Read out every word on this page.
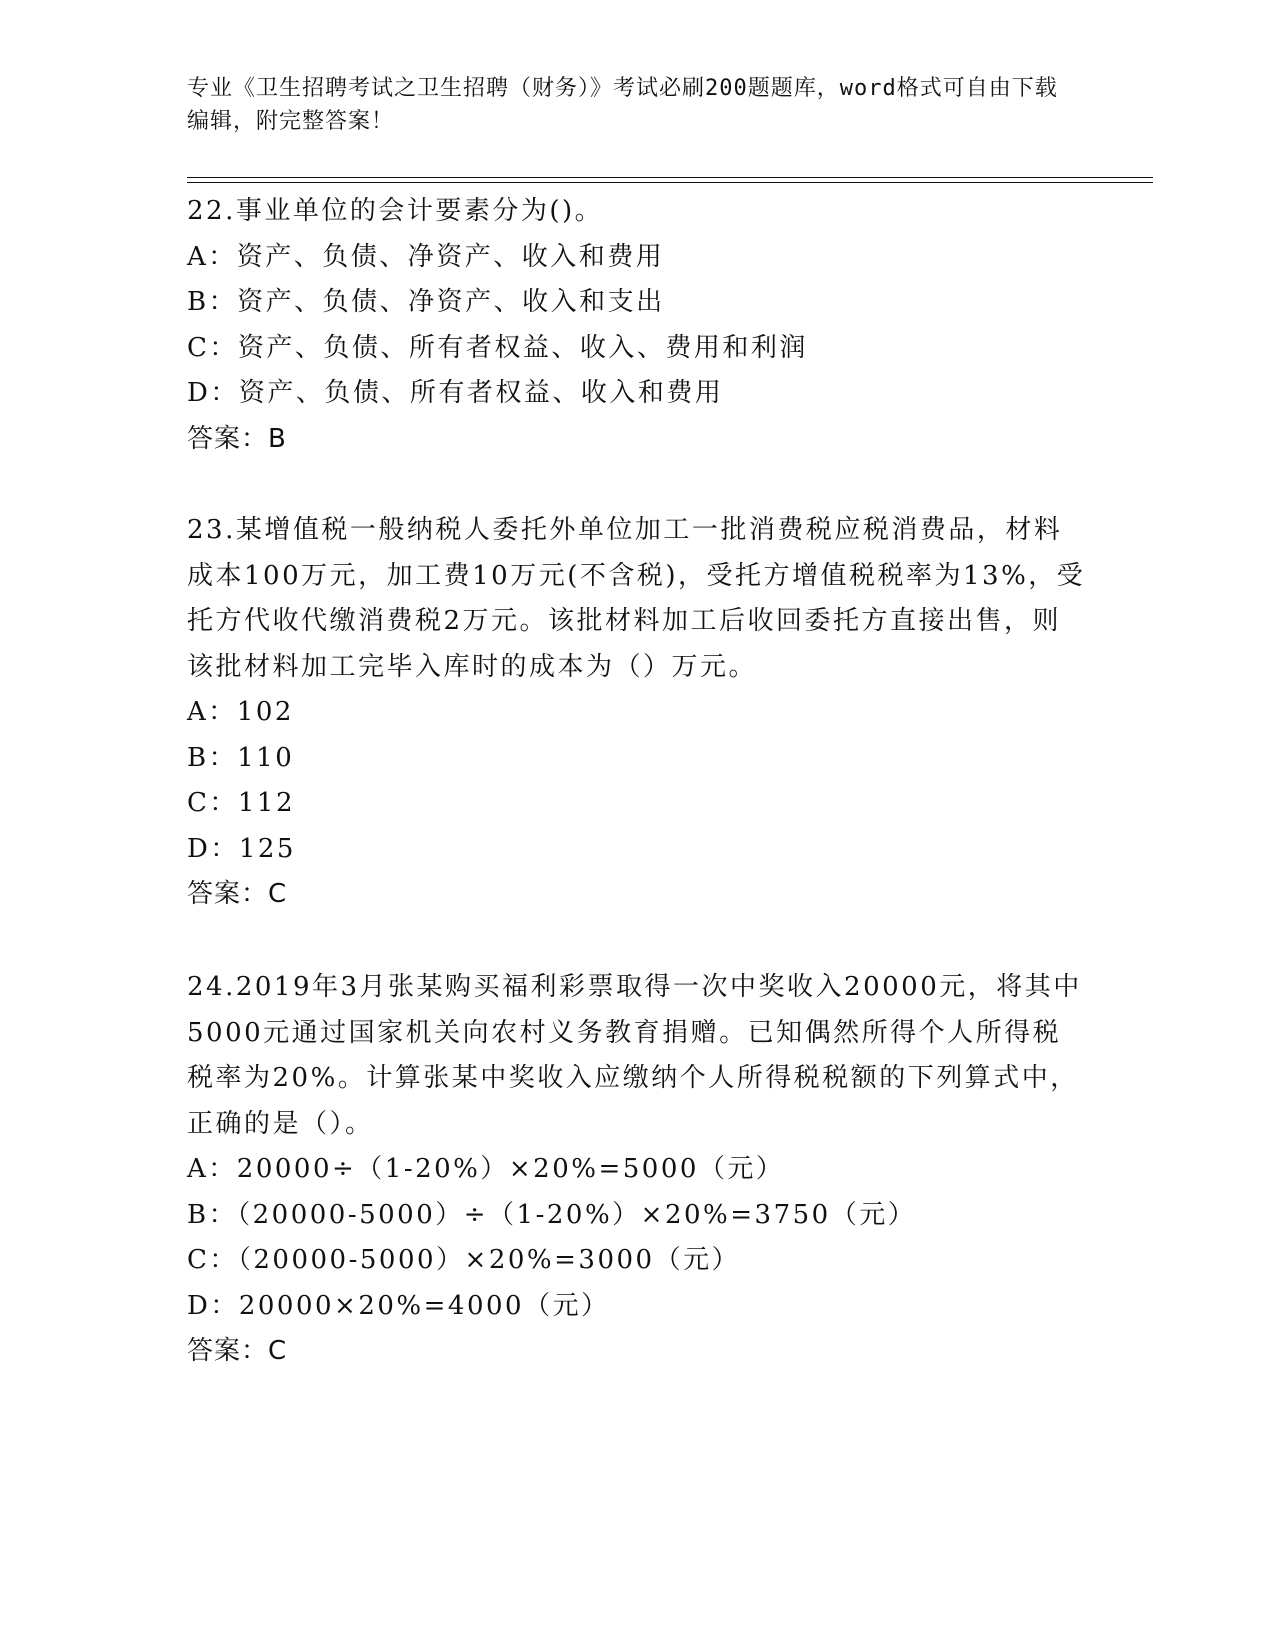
专业《卫生招聘考试之卫生招聘（财务）》考试必刷200题题库，word格式可自由下载编辑，附完整答案！

22.事业单位的会计要素分为()。

A：资产、负债、净资产、收入和费用

B：资产、负债、净资产、收入和支出

C：资产、负债、所有者权益、收入、费用和利润

D：资产、负债、所有者权益、收入和费用

答案：B

23.某增值税一般纳税人委托外单位加工一批消费税应税消费品，材料成本100万元，加工费10万元(不含税)，受托方增值税税率为13%，受托方代收代缴消费税2万元。该批材料加工后收回委托方直接出售，则该批材料加工完毕入库时的成本为（）万元。

A：102

B：110

C：112

D：125

答案：C

24.2019年3月张某购买福利彩票取得一次中奖收入20000元，将其中5000元通过国家机关向农村义务教育捐赠。已知偶然所得个人所得税税率为20%。计算张某中奖收入应缴纳个人所得税税额的下列算式中，正确的是（）。

A：20000÷（1-20%）×20%=5000（元）

B：（20000-5000）÷（1-20%）×20%=3750（元）

C：（20000-5000）×20%=3000（元）

D：20000×20%=4000（元）

答案：C
